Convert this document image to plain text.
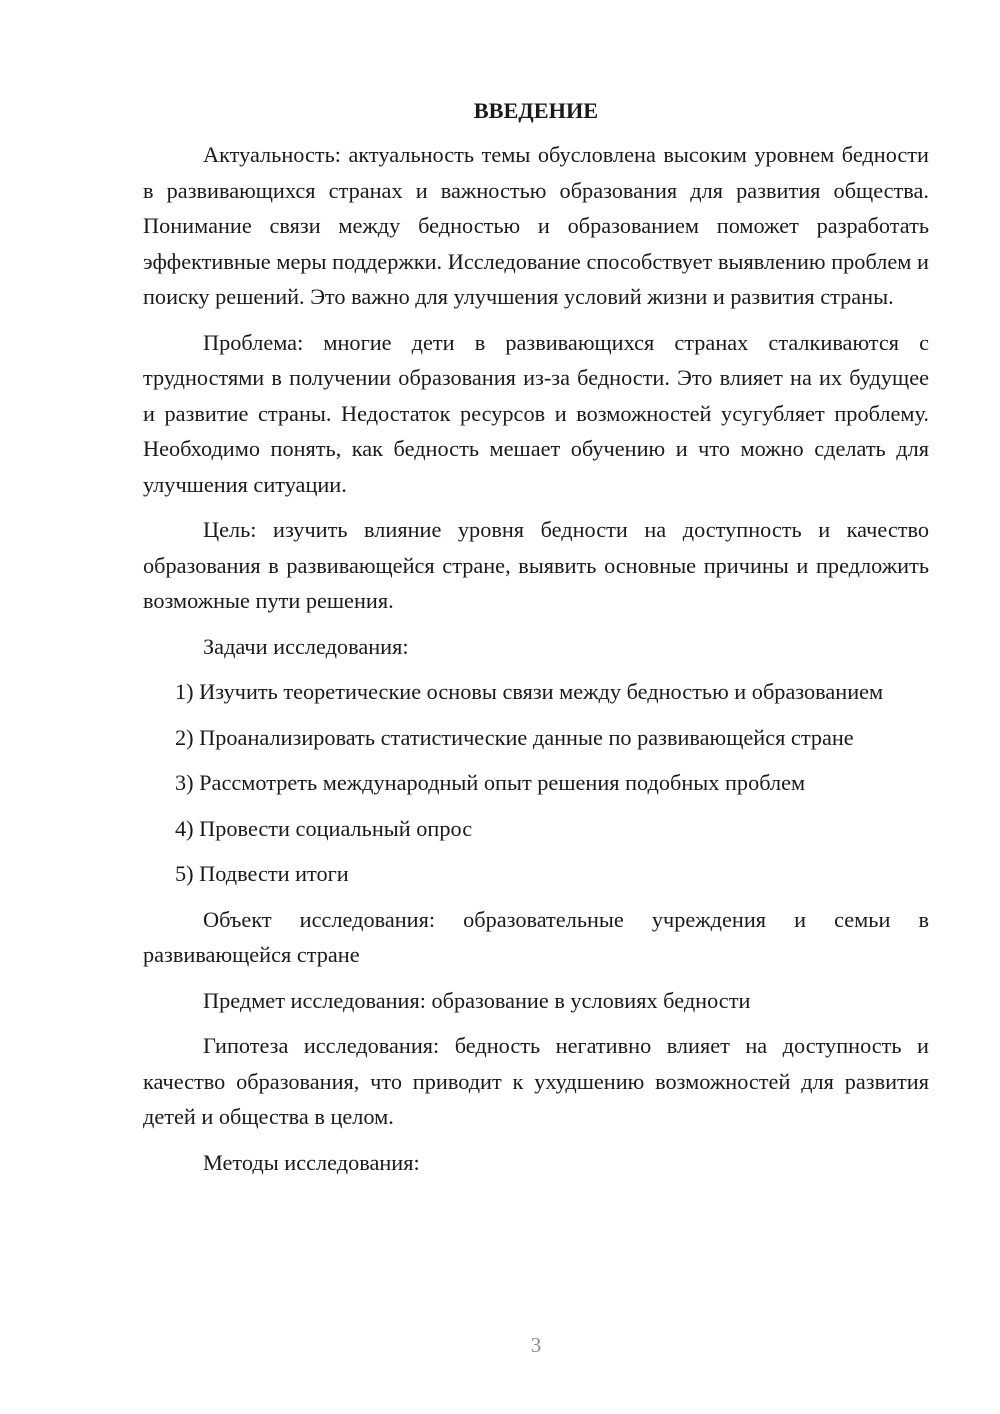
ВВЕДЕНИЕ

Актуальность: актуальность темы обусловлена высоким уровнем бедности в развивающихся странах и важностью образования для развития общества. Понимание связи между бедностью и образованием поможет разработать эффективные меры поддержки. Исследование способствует выявлению проблем и поиску решений. Это важно для улучшения условий жизни и развития страны.

Проблема: многие дети в развивающихся странах сталкиваются с трудностями в получении образования из-за бедности. Это влияет на их будущее и развитие страны. Недостаток ресурсов и возможностей усугубляет проблему. Необходимо понять, как бедность мешает обучению и что можно сделать для улучшения ситуации.

Цель: изучить влияние уровня бедности на доступность и качество образования в развивающейся стране, выявить основные причины и предложить возможные пути решения.

Задачи исследования:

1) Изучить теоретические основы связи между бедностью и образованием

2) Проанализировать статистические данные по развивающейся стране

3) Рассмотреть международный опыт решения подобных проблем

4) Провести социальный опрос

5) Подвести итоги

Объект исследования: образовательные учреждения и семьи в развивающейся стране

Предмет исследования: образование в условиях бедности

Гипотеза исследования: бедность негативно влияет на доступность и качество образования, что приводит к ухудшению возможностей для развития детей и общества в целом.

Методы исследования:

3
